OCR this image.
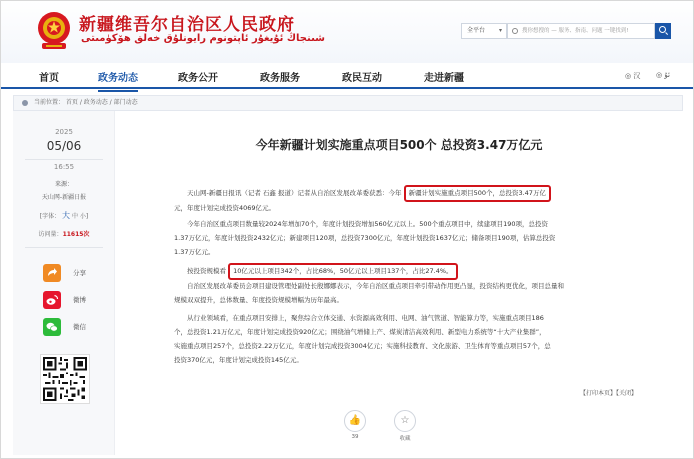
新疆维吾尔自治区人民政府
شىنجاڭ ئۇيغۇر ئاپتونوم رايونلۇق خەلق ھۆكۈمىتى
全平台 ▾	搜你想搜的 — 服务、指南、问题 一键找到!
首页	政务动态	政务公开	政务服务	政民互动	走进新疆	◎ 汉 ◎ ئۇ
当前位置： 首页 / 政务动态 / 部门动态
2025
05/06
16:55
来源：
天山网-新疆日报
[字体： 大 中 小]
访问量：11615次
分享
微博
微信
今年新疆计划实施重点项目500个 总投资3.47万亿元
天山网-新疆日报讯（记者 石鑫 报道）记者从自治区发展改革委获悉：今年 新疆计划实施重点项目500个，总投资3.47万亿
元，年度计划完成投资4069亿元。
今年自治区重点项目数量较2024年增加70个，年度计划投资增加560亿元以上。500个重点项目中，续建项目190项，总投资
1.37万亿元，年度计划投资2432亿元；新建项目120项，总投资7300亿元，年度计划投资1637亿元；储备项目190项，估算总投资
1.37万亿元。
按投资规模看 10亿元以上项目342个，占比68%，50亿元以上项目137个，占比27.4%。
自治区发展改革委员会项目建设管理处副处长殷娜娜表示，今年自治区重点项目牵引带动作用更凸显，投资结构更优化，项目总量和
规模双双提升，总体数量、年度投资规模增幅为历年最高。
从行业领域看，在重点项目安排上，聚焦综合立体交通、水资源高效利用、电网、油气管道、智能算力等，实施重点项目186
个，总投资1.21万亿元，年度计划完成投资920亿元；围绕油气增储上产、煤炭清洁高效利用、新型电力系统等“十大产业集群”，
实施重点项目257个，总投资2.22万亿元，年度计划完成投资3004亿元；实施科技教育、文化旅游、卫生体育等重点项目57个，总
投资370亿元，年度计划完成投资145亿元。
【打印本页】【关闭】
👍
39
☆
收藏
